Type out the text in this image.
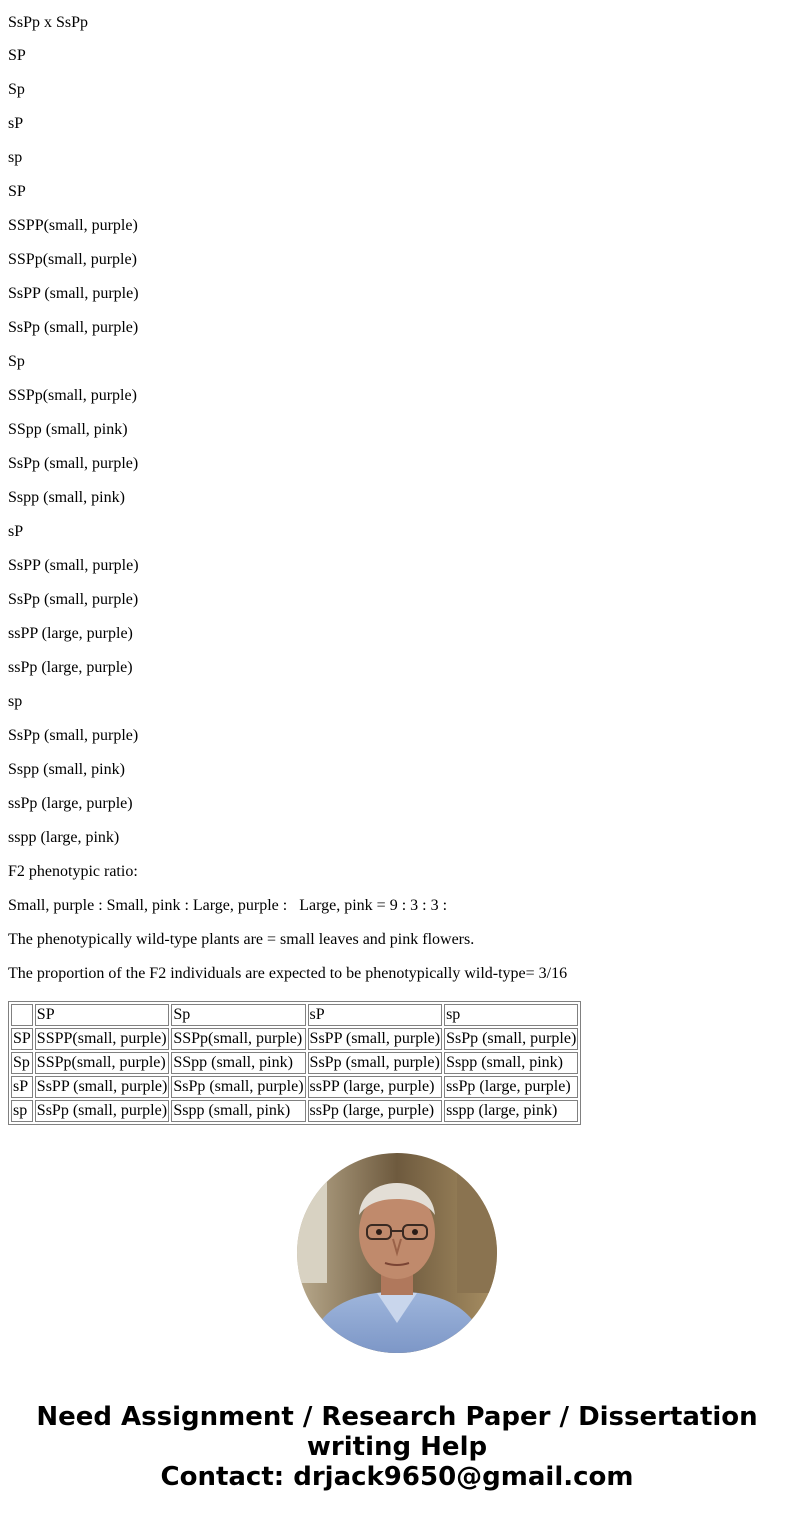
SsPp x SsPp

SP

Sp

sP

sp

SP

SSPP(small, purple)

SSPp(small, purple)

SsPP (small, purple)

SsPp (small, purple)

Sp

SSPp(small, purple)

SSpp (small, pink)

SsPp (small, purple)

Sspp (small, pink)

sP

SsPP (small, purple)

SsPp (small, purple)

ssPP (large, purple)

ssPp (large, purple)

sp

SsPp (small, purple)

Sspp (small, pink)

ssPp (large, purple)

sspp (large, pink)

F2 phenotypic ratio:

Small, purple : Small, pink : Large, purple :   Large, pink = 9 : 3 : 3 :

The phenotypically wild-type plants are = small leaves and pink flowers.

The proportion of the F2 individuals are expected to be phenotypically wild-type= 3/16

	SP	Sp	sP	sp
SP	SSPP(small, purple)	SSPp(small, purple)	SsPP (small, purple)	SsPp (small, purple)
Sp	SSPp(small, purple)	SSpp (small, pink)	SsPp (small, purple)	Sspp (small, pink)
sP	SsPP (small, purple)	SsPp (small, purple)	ssPP (large, purple)	ssPp (large, purple)
sp	SsPp (small, purple)	Sspp (small, pink)	ssPp (large, purple)	sspp (large, pink)
Need Assignment / Research Paper / Dissertation
writing Help
Contact: drjack9650@gmail.com
